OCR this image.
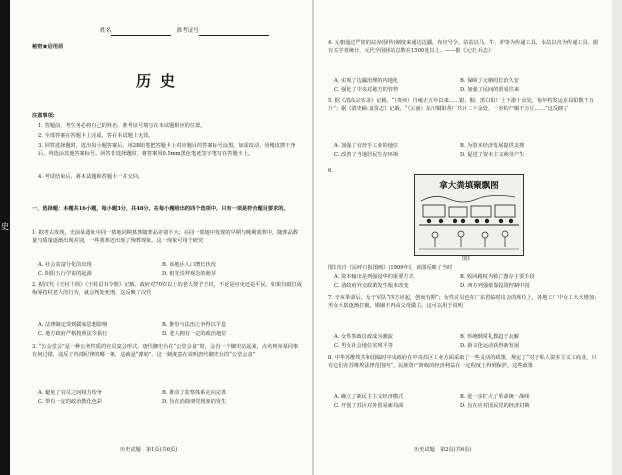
史
姓名	准考证号
秘密★启用前
历史
注意事项:
1. 答题前，考生务必将自己的姓名、准考证号填写在本试题相应的位置。
2. 全部答案在答题卡上完成，答在本试题上无效。
3. 回答选择题时，选出每小题答案后，用2B铅笔把答题卡上对应题目的答案标号涂黑。如需改动，用橡皮擦干净后，再选涂其他答案标号。回答非选择题时，将答案用0.5mm黑色笔迹签字笔写在答题卡上。
4. 考试结束后，将本试题和答题卡一并交回。
一、选择题：本题共16小题，每小题3分，共48分。在每小题给出的四个选项中，只有一项是符合题目要求的。
1. 据考古发现，史前某遗址中同一墓地同期墓葬随葬品差别不大；在同一墓地中发现的早期与晚期墓葬中，随葬品数量与质量逐渐出现差别，一些墓葬还出现了殉葬现象。这一现象可用于研究
A. 社会贫富分化的出现	B. 该地区人口增长状况
C. 阴阳五行学说的起源	D. 祖先崇拜观念的萌芽
2. 据汉代《王杖十简》《王杖诏书令册》记载，政府对70岁以上的老人授予王杖，不论是官吏还是平民，如果有殴打或侮辱持杖老人的行为，就会判处死刑，这反映了汉代
A. 法律制定受到儒家思想影响	B. 推崇与法治之争得以平息
C. 地方政府严格按照法令执行	D. 老人拥有一定的政治地位
3. “公会堂会”是一种公务性质的官员宴会形式。唐代御史台在“公堂会食”时，会有一个御史站起来，点名列举某同事有何过错，违反了内部纪律的哪一条，这就是“弹劾”。这一制度意在说明唐代御史台的“公堂会食”
A. 避免了官员之间权力纷争	B. 推动了监察体系走向完善
C. 带有一定的政治教化色彩	D. 旨在消除朋党现象的发生
历史试题　第1页(共6页)
4. 元朝通过严密的站赤(驿传)制度来通达边疆，布官号令。站站以马、牛、驴等为传递工具，水站以舟为传递工具。据有关学者统计，元代全国驿站总数在1500处以上。——据《元史·兵志》
A. 实现了边疆治理的内地化	B. 保障了元朝的长治久安
C. 强化了中央对地方的管控	D. 加强了民间的贸易往来
5. 据《清高宗实录》记载，“（贵州）自雍正五年以来……银、铜、黑白铅厂上下游十余处，每年约发运京局铅数千万斤”；据《清史稿·食货志》记载，“（云南）东川铜铅各厂共计二十余处，一岁约产铜千万斤……”这反映了
A. 加强了官营手工业的地位	B. 为资本经济发展提供支撑
C. 改善了当地居民生存环境	D. 促进了资本主义萌芽产生
6.
拿大粪填聚飘图
图1
图1出自《民呼日报图画》(1909年)，该图反映了当时
A. 资本输出是列强侵华的重要方式	B. 收回路权为救亡图存主要手段
C. 清政府外交政策发生根本改变	D. 西方列强依靠投资控制中国
7. 辛亥革命后，女子军队“四方应起，创而有期”；女性议员也在广东省临时议会的席位上，各地工厂中女工大大增加；男女大防逐渐打破，婚姻不再由父母做主。这可以用于说明
A. 女性参政议政成为潮流	B. 传统纲常礼教趋于瓦解
C. 男女社会地位实现平等	D. 新文化运动获得新发展
8. 中华苏维埃共和国临时中央政府在中央苏区工业方面采取了一些灵活的政策，规定了“对于私人资本主义工商业，只有它们在苏维埃法律范围内”。民族资产阶级的经济利益在一定程度上得到保护。这些政策
A. 确立了新民主主义经济模式	B. 进一步扩大了革命统一战线
C. 开创了苏区对外贸易新局面	D. 旨在应对国民党的经济封锁
历史试题　第2页(共6页)
